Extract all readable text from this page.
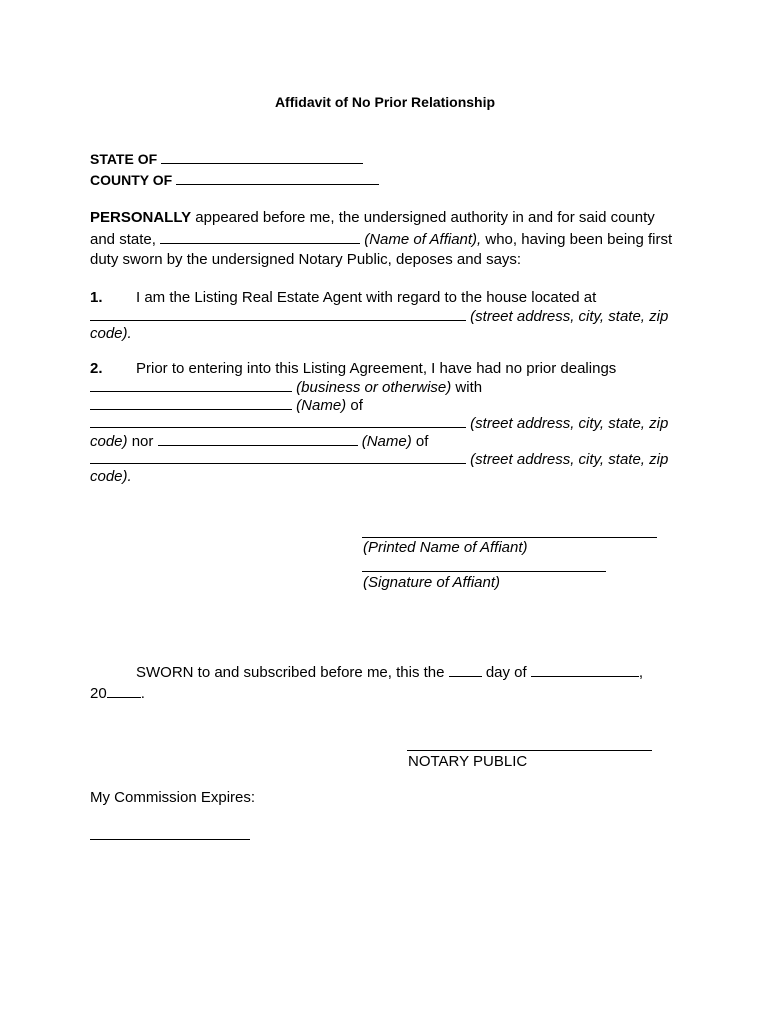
Affidavit of No Prior Relationship
STATE OF
COUNTY OF
PERSONALLY appeared before me, the undersigned authority in and for said county
and state,	(Name of Affiant), who, having been being first
duty sworn by the undersigned Notary Public, deposes and says:
1. I am the Listing Real Estate Agent with regard to the house located at
(street address, city, state, zip
code).
2. Prior to entering into this Listing Agreement, I have had no prior dealings
(business or otherwise) with
(Name) of
(street address, city, state, zip
code) nor	(Name) of
(street address, city, state, zip
code).
(Printed Name of Affiant)
(Signature of Affiant)
SWORN to and subscribed before me, this the  day of	,
20 .
NOTARY PUBLIC
My Commission Expires:
